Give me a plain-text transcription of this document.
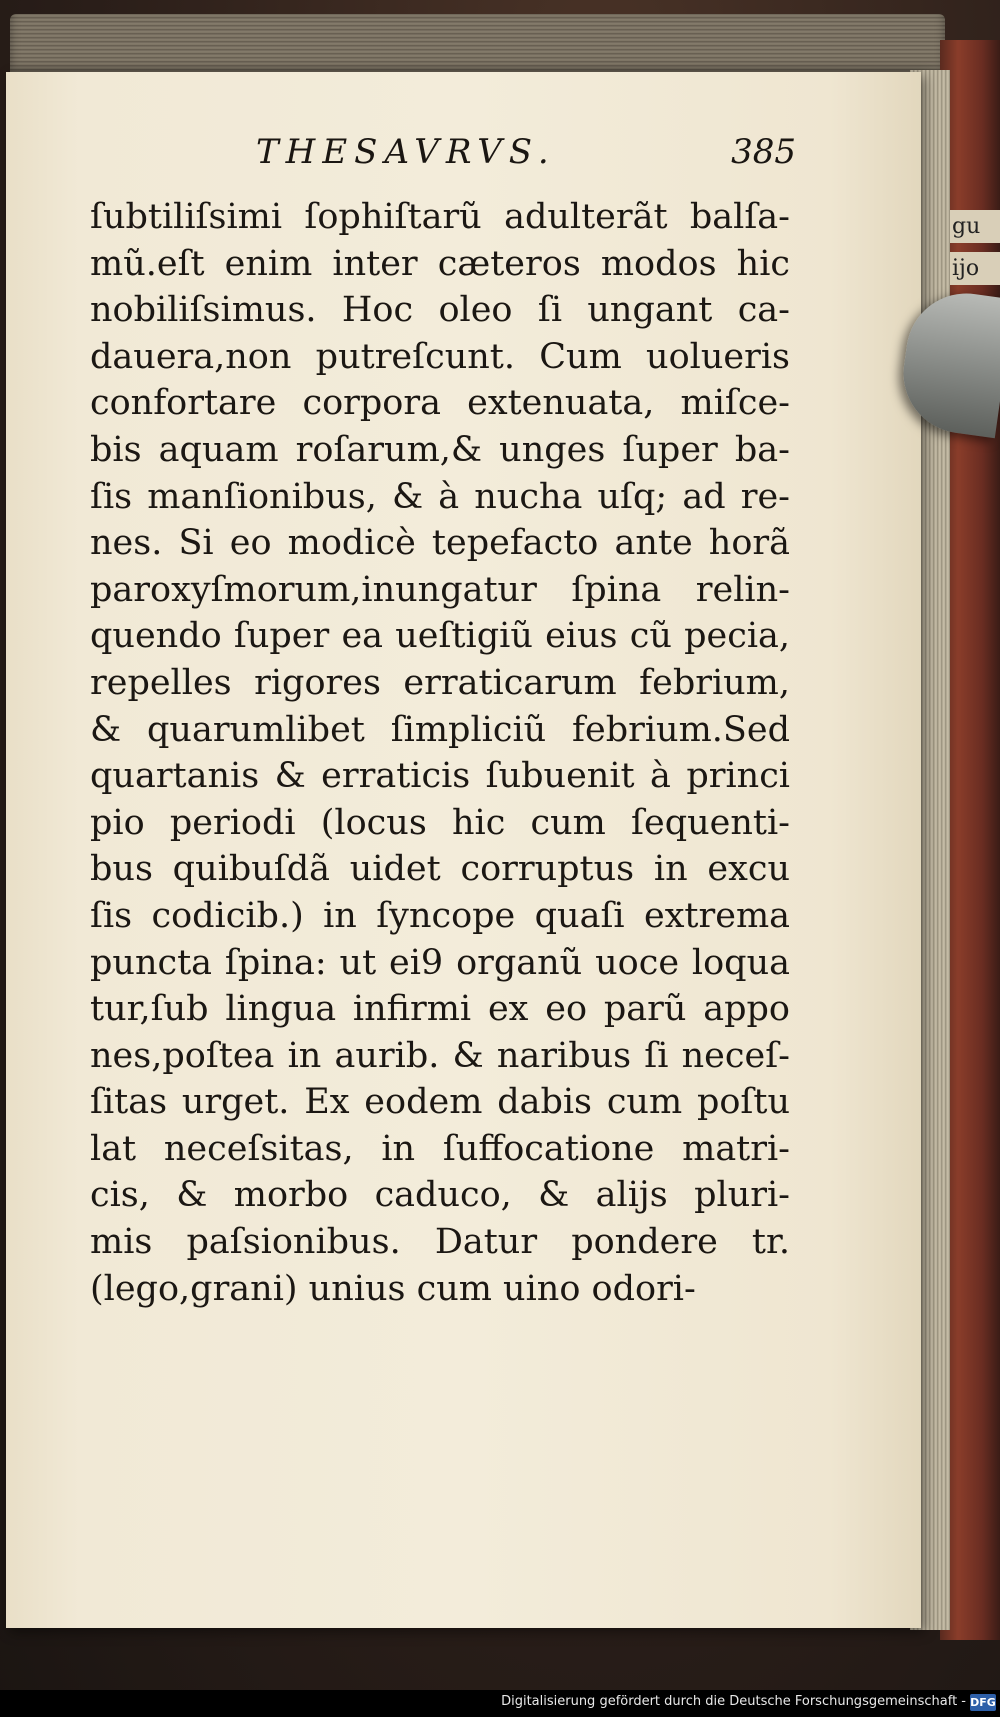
gu
ijo
THESAVRVS.	385
ſubtiliſsimi ſophiſtarũ adulterãt balſa-
mũ.eſt enim inter cæteros modos hic
nobiliſsimus. Hoc oleo ſi ungant ca-
dauera,non putreſcunt. Cum uolueris
confortare corpora extenuata, miſce-
bis aquam roſarum,& unges ſuper ba-
ſis manſionibus, & à nucha uſq; ad re-
nes. Si eo modicè tepefacto ante horã
paroxyſmorum,inungatur ſpina relin-
quendo ſuper ea ueſtigiũ eius cũ pecia,
repelles rigores erraticarum febrium,
& quarumlibet ſimpliciũ febrium.Sed
quartanis & erraticis ſubuenit à princi
pio periodi (locus hic cum ſequenti-
bus quibuſdã uidet corruptus in excu
ſis codicib.) in ſyncope quaſi extrema
puncta ſpina: ut ei9 organũ uoce loqua
tur,ſub lingua infirmi ex eo parũ appo
nes,poſtea in aurib. & naribus ſi neceſ-
ſitas urget. Ex eodem dabis cum poſtu
lat neceſsitas, in ſuffocatione matri-
cis, & morbo caduco, & alijs pluri-
mis paſsionibus. Datur pondere tr.
(lego,grani) unius cum uino odori-
Digitalisierung gefördert durch die Deutsche Forschungsgemeinschaft - DFG
